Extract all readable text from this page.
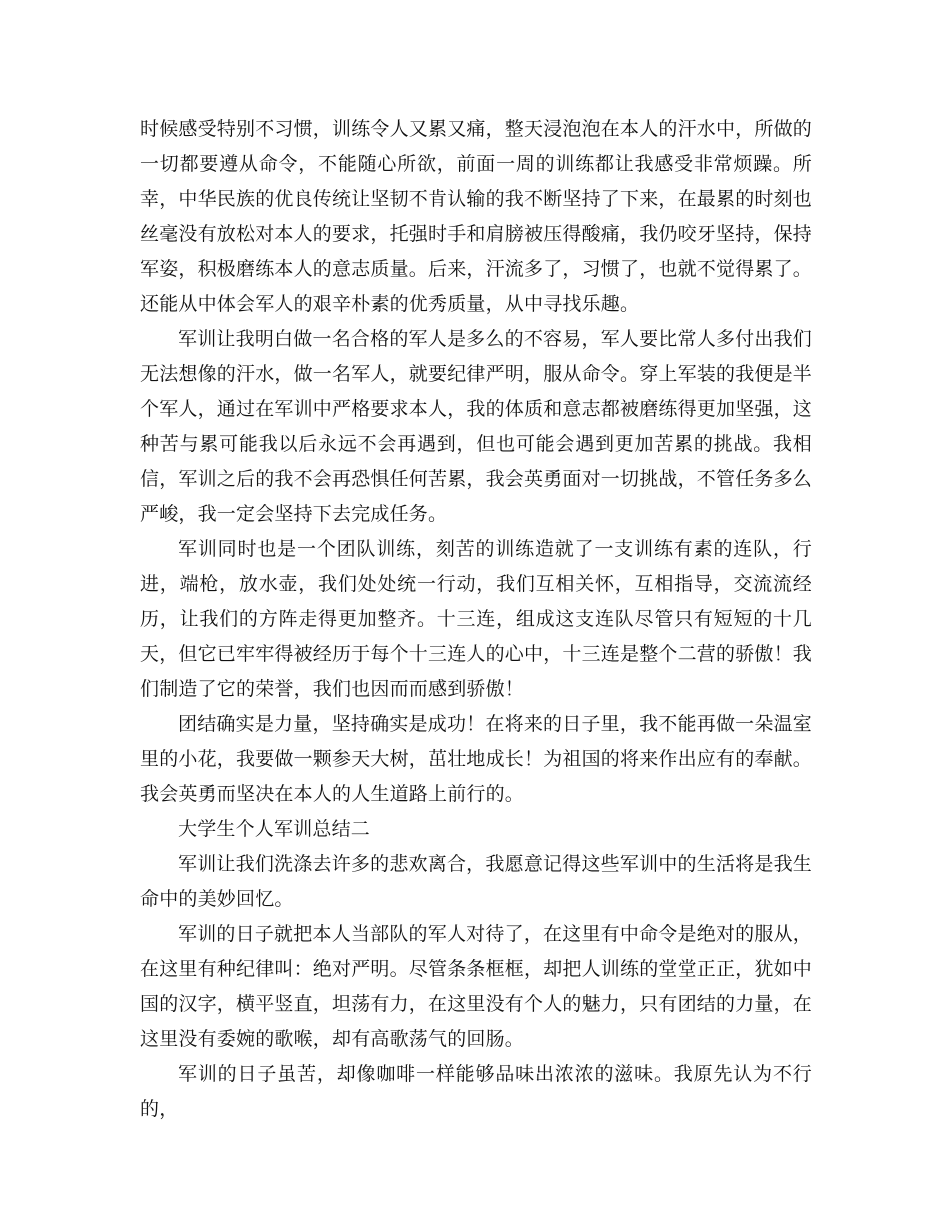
时候感受特别不习惯，训练令人又累又痛，整天浸泡泡在本人的汗水中，所做的一切都要遵从命令，不能随心所欲，前面一周的训练都让我感受非常烦躁。所幸，中华民族的优良传统让坚韧不肯认输的我不断坚持了下来，在最累的时刻也丝毫没有放松对本人的要求，托强时手和肩膀被压得酸痛，我仍咬牙坚持，保持军姿，积极磨练本人的意志质量。后来，汗流多了，习惯了，也就不觉得累了。还能从中体会军人的艰辛朴素的优秀质量，从中寻找乐趣。

军训让我明白做一名合格的军人是多么的不容易，军人要比常人多付出我们无法想像的汗水，做一名军人，就要纪律严明，服从命令。穿上军装的我便是半个军人，通过在军训中严格要求本人，我的体质和意志都被磨练得更加坚强，这种苦与累可能我以后永远不会再遇到，但也可能会遇到更加苦累的挑战。我相信，军训之后的我不会再恐惧任何苦累，我会英勇面对一切挑战，不管任务多么严峻，我一定会坚持下去完成任务。

军训同时也是一个团队训练，刻苦的训练造就了一支训练有素的连队，行进，端枪，放水壶，我们处处统一行动，我们互相关怀，互相指导，交流流经历，让我们的方阵走得更加整齐。十三连，组成这支连队尽管只有短短的十几天，但它已牢牢得被经历于每个十三连人的心中，十三连是整个二营的骄傲！我们制造了它的荣誉，我们也因而而感到骄傲！

团结确实是力量，坚持确实是成功！在将来的日子里，我不能再做一朵温室里的小花，我要做一颗参天大树，茁壮地成长！为祖国的将来作出应有的奉献。我会英勇而坚决在本人的人生道路上前行的。

大学生个人军训总结二

军训让我们洗涤去许多的悲欢离合，我愿意记得这些军训中的生活将是我生命中的美妙回忆。

军训的日子就把本人当部队的军人对待了，在这里有中命令是绝对的服从，在这里有种纪律叫：绝对严明。尽管条条框框，却把人训练的堂堂正正，犹如中国的汉字，横平竖直，坦荡有力，在这里没有个人的魅力，只有团结的力量，在这里没有委婉的歌喉，却有高歌荡气的回肠。

军训的日子虽苦，却像咖啡一样能够品味出浓浓的滋味。我原先认为不行的，
